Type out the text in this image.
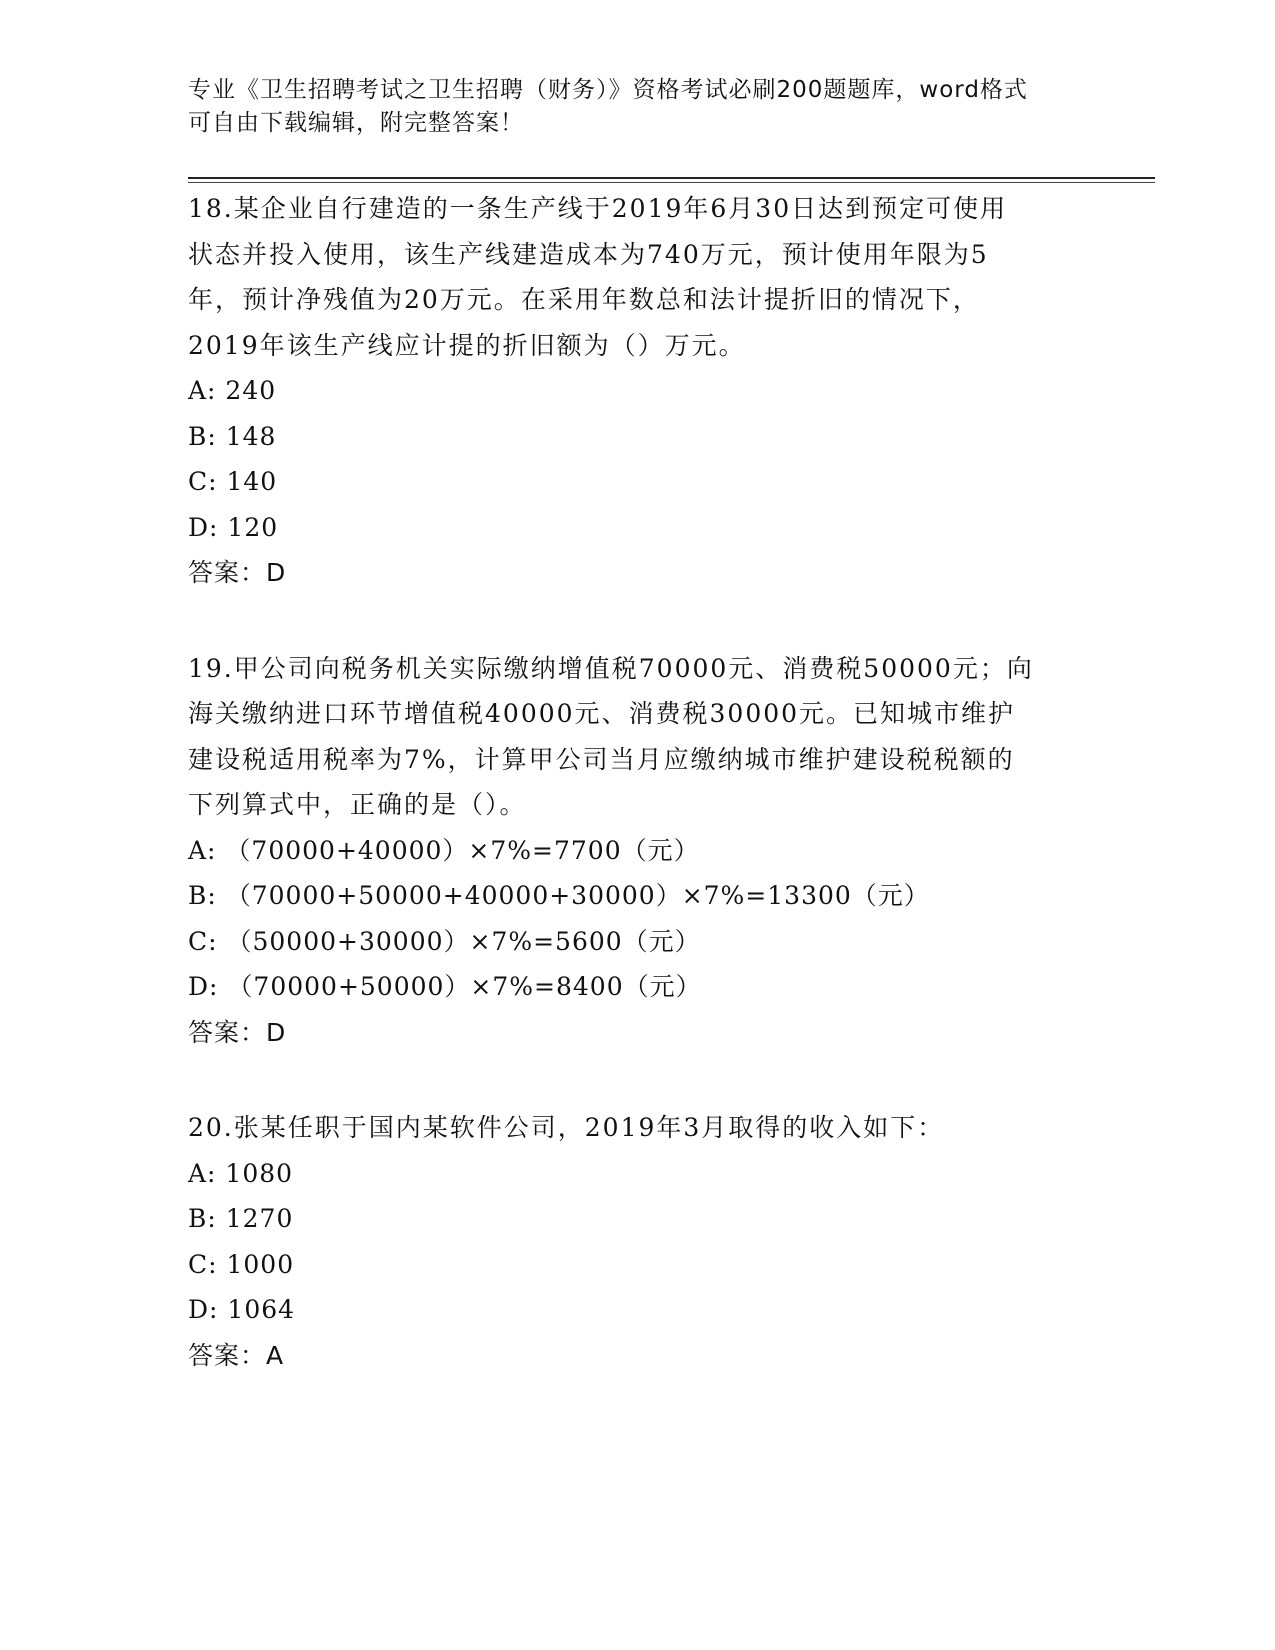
专业《卫生招聘考试之卫生招聘（财务）》资格考试必刷200题题库，word格式
可自由下载编辑，附完整答案！
18.某企业自行建造的一条生产线于2019年6月30日达到预定可使用
状态并投入使用，该生产线建造成本为740万元，预计使用年限为5
年，预计净残值为20万元。在采用年数总和法计提折旧的情况下，
2019年该生产线应计提的折旧额为（）万元。
A: 240
B: 148
C: 140
D: 120
答案：D
19.甲公司向税务机关实际缴纳增值税70000元、消费税50000元；向
海关缴纳进口环节增值税40000元、消费税30000元。已知城市维护
建设税适用税率为7%，计算甲公司当月应缴纳城市维护建设税税额的
下列算式中，正确的是（）。
A: （70000+40000）×7%=7700（元）
B: （70000+50000+40000+30000）×7%=13300（元）
C: （50000+30000）×7%=5600（元）
D: （70000+50000）×7%=8400（元）
答案：D
20.张某任职于国内某软件公司，2019年3月取得的收入如下：
A: 1080
B: 1270
C: 1000
D: 1064
答案：A
